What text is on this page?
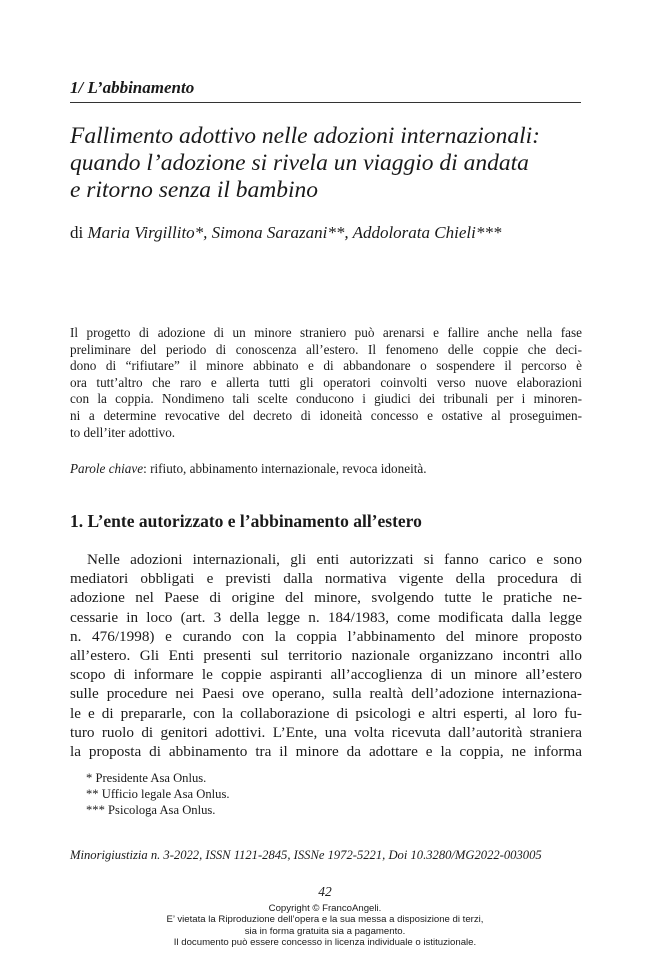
1/ L’abbinamento
Fallimento adottivo nelle adozioni internazionali:
quando l’adozione si rivela un viaggio di andata
e ritorno senza il bambino
di Maria Virgillito*, Simona Sarazani**, Addolorata Chieli***
Il progetto di adozione di un minore straniero può arenarsi e fallire anche nella fase
preliminare del periodo di conoscenza all’estero. Il fenomeno delle coppie che deci-
dono di “rifiutare” il minore abbinato e di abbandonare o sospendere il percorso è
ora tutt’altro che raro e allerta tutti gli operatori coinvolti verso nuove elaborazioni
con la coppia. Nondimeno tali scelte conducono i giudici dei tribunali per i minoren-
ni a determine revocative del decreto di idoneità concesso e ostative al proseguimen-
to dell’iter adottivo.
Parole chiave: rifiuto, abbinamento internazionale, revoca idoneità.
1. L’ente autorizzato e l’abbinamento all’estero
Nelle adozioni internazionali, gli enti autorizzati si fanno carico e sono
mediatori obbligati e previsti dalla normativa vigente della procedura di
adozione nel Paese di origine del minore, svolgendo tutte le pratiche ne-
cessarie in loco (art. 3 della legge n. 184/1983, come modificata dalla legge
n. 476/1998) e curando con la coppia l’abbinamento del minore proposto
all’estero. Gli Enti presenti sul territorio nazionale organizzano incontri allo
scopo di informare le coppie aspiranti all’accoglienza di un minore all’estero
sulle procedure nei Paesi ove operano, sulla realtà dell’adozione internaziona-
le e di prepararle, con la collaborazione di psicologi e altri esperti, al loro fu-
turo ruolo di genitori adottivi. L’Ente, una volta ricevuta dall’autorità straniera
la proposta di abbinamento tra il minore da adottare e la coppia, ne informa
* Presidente Asa Onlus.
** Ufficio legale Asa Onlus.
*** Psicologa Asa Onlus.
Minorigiustizia n. 3-2022, ISSN 1121-2845, ISSNe 1972-5221, Doi 10.3280/MG2022-003005
42
Copyright © FrancoAngeli.
E’ vietata la Riproduzione dell’opera e la sua messa a disposizione di terzi,
sia in forma gratuita sia a pagamento.
Il documento può essere concesso in licenza individuale o istituzionale.
